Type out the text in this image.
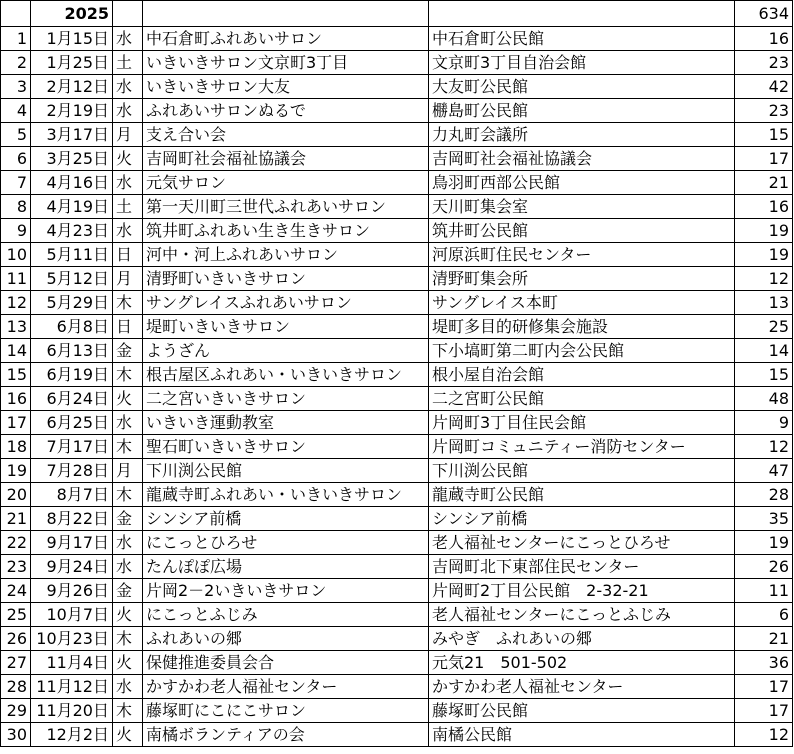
	2025				634
1	1月15日	水	中石倉町ふれあいサロン	中石倉町公民館	16
2	1月25日	土	いきいきサロン文京町3丁目	文京町3丁目自治会館	23
3	2月12日	水	いきいきサロン大友	大友町公民館	42
4	2月19日	水	ふれあいサロンぬるで	橳島町公民館	23
5	3月17日	月	支え合い会	力丸町会議所	15
6	3月25日	火	吉岡町社会福祉協議会	吉岡町社会福祉協議会	17
7	4月16日	水	元気サロン	鳥羽町西部公民館	21
8	4月19日	土	第一天川町三世代ふれあいサロン	天川町集会室	16
9	4月23日	水	筑井町ふれあい生き生きサロン	筑井町公民館	19
10	5月11日	日	河中・河上ふれあいサロン	河原浜町住民センター	19
11	5月12日	月	清野町いきいきサロン	清野町集会所	12
12	5月29日	木	サングレイスふれあいサロン	サングレイス本町	13
13	6月8日	日	堤町いきいきサロン	堤町多目的研修集会施設	25
14	6月13日	金	ようざん	下小塙町第二町内会公民館	14
15	6月19日	木	根古屋区ふれあい・いきいきサロン	根小屋自治会館	15
16	6月24日	火	二之宮いきいきサロン	二之宮町公民館	48
17	6月25日	水	いきいき運動教室	片岡町3丁目住民会館	9
18	7月17日	木	聖石町いきいきサロン	片岡町コミュニティー消防センター	12
19	7月28日	月	下川渕公民館	下川渕公民館	47
20	8月7日	木	龍蔵寺町ふれあい・いきいきサロン	龍蔵寺町公民館	28
21	8月22日	金	シンシア前橋	シンシア前橋	35
22	9月17日	水	にこっとひろせ	老人福祉センターにこっとひろせ	19
23	9月24日	水	たんぽぽ広場	吉岡町北下東部住民センター	26
24	9月26日	金	片岡2－2いきいきサロン	片岡町2丁目公民館　2-32-21	11
25	10月7日	火	にこっとふじみ	老人福祉センターにこっとふじみ	6
26	10月23日	木	ふれあいの郷	みやぎ　ふれあいの郷	21
27	11月4日	火	保健推進委員会合	元気21　501-502	36
28	11月12日	水	かすかわ老人福祉センター	かすかわ老人福祉センター	17
29	11月20日	木	藤塚町にこにこサロン	藤塚町公民館	17
30	12月2日	火	南橘ボランティアの会	南橘公民館	12
